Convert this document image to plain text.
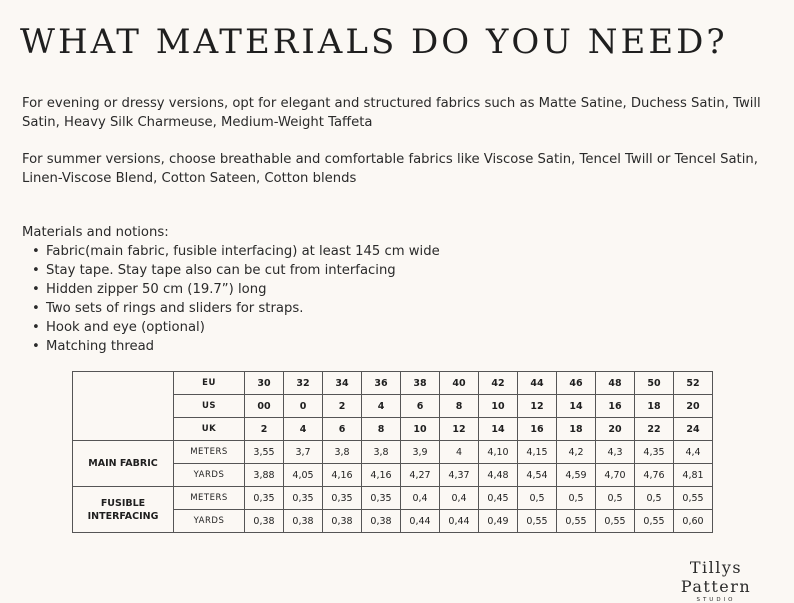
WHAT MATERIALS DO YOU NEED?

For evening or dressy versions, opt for elegant and structured fabrics such as Matte Satine, Duchess Satin, Twill Satin, Heavy Silk Charmeuse, Medium-Weight Taffeta

For summer versions, choose breathable and comfortable fabrics like Viscose Satin, Tencel Twill or Tencel Satin, Linen-Viscose Blend, Cotton Sateen, Cotton blends

Materials and notions:

• Fabric(main fabric, fusible interfacing) at least 145 cm wide
• Stay tape. Stay tape also can be cut from interfacing
• Hidden zipper 50 cm (19.7”) long
• Two sets of rings and sliders for straps.
• Hook and eye (optional)
• Matching thread
	EU	30	32	34	36	38	40	42	44	46	48	50	52
	US	00	0	2	4	6	8	10	12	14	16	18	20
	UK	2	4	6	8	10	12	14	16	18	20	22	24
MAIN FABRIC	METERS	3,55	3,7	3,8	3,8	3,9	4	4,10	4,15	4,2	4,3	4,35	4,4
	YARDS	3,88	4,05	4,16	4,16	4,27	4,37	4,48	4,54	4,59	4,70	4,76	4,81
FUSIBLE INTERFACING	METERS	0,35	0,35	0,35	0,35	0,4	0,4	0,45	0,5	0,5	0,5	0,5	0,55
	YARDS	0,38	0,38	0,38	0,38	0,44	0,44	0,49	0,55	0,55	0,55	0,55	0,60
Tillys Pattern
STUDIO
